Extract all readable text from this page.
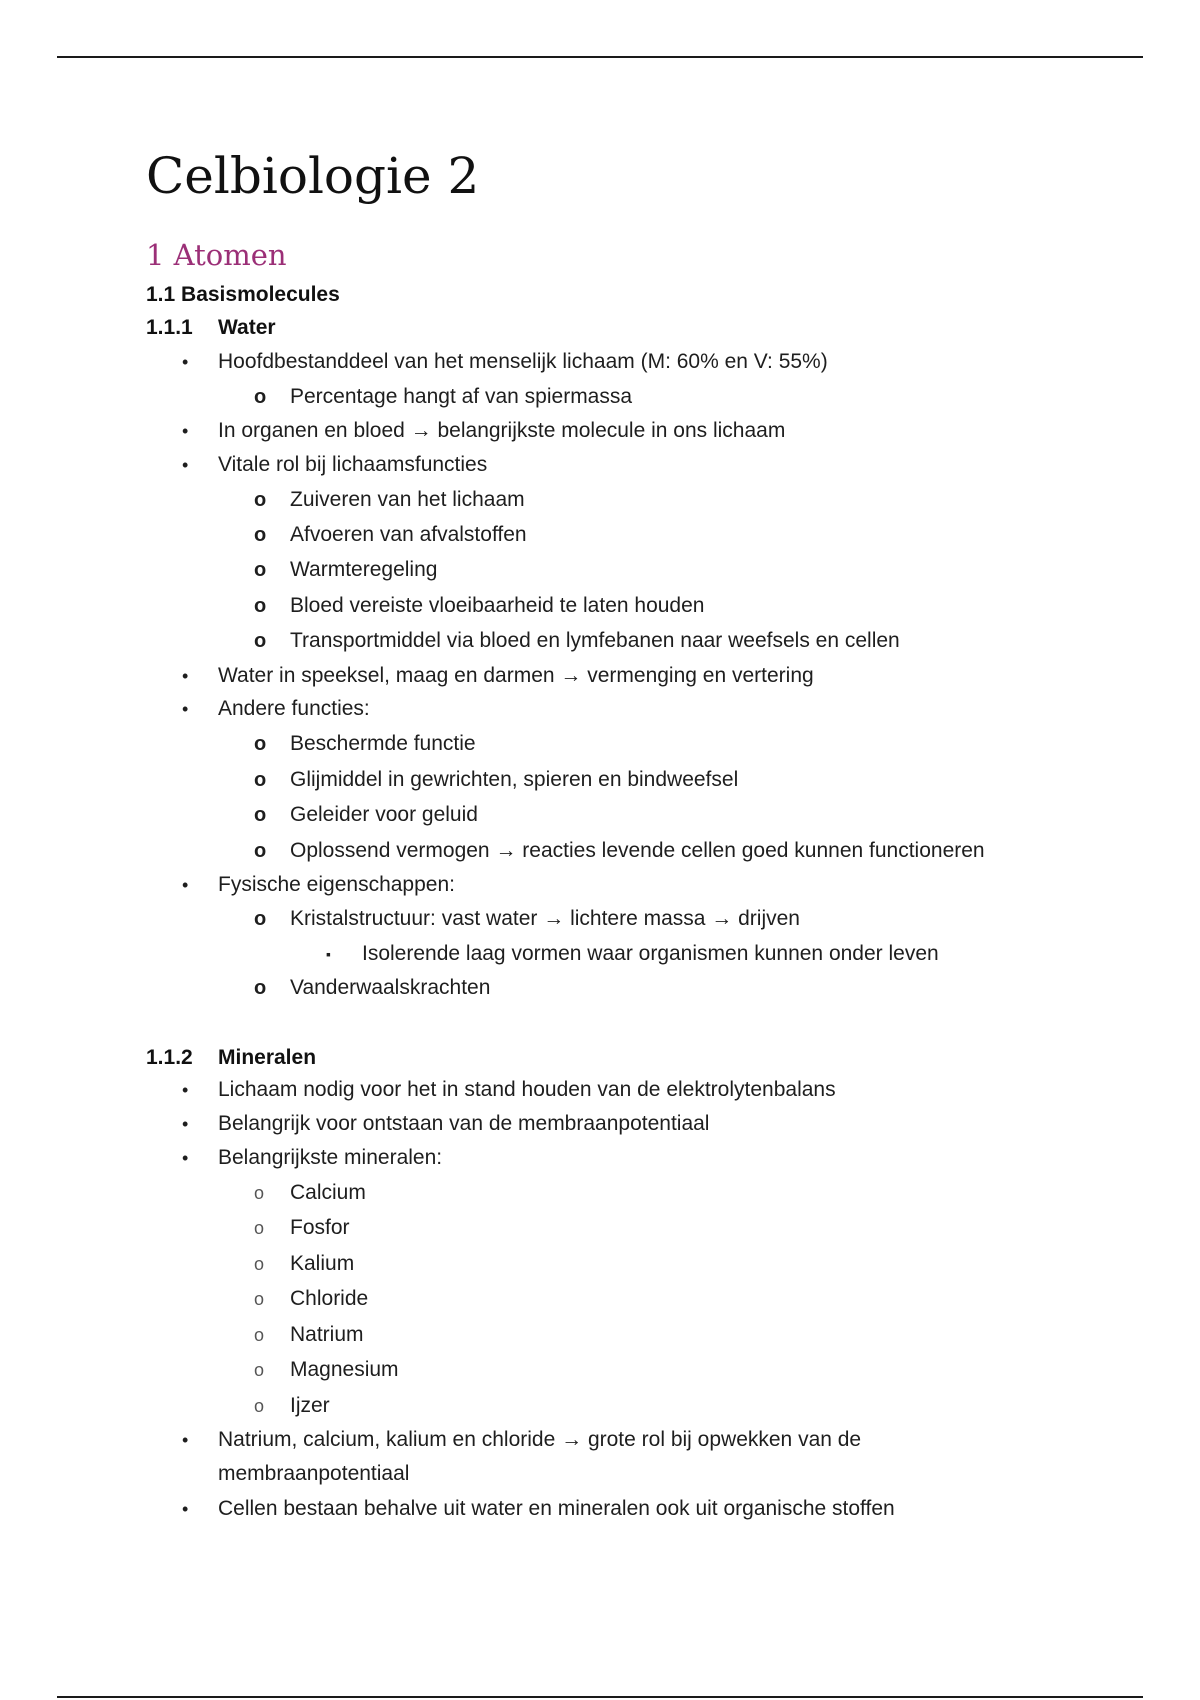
Celbiologie 2
1 Atomen
1.1 Basismolecules
1.1.1 Water
• Hoofdbestanddeel van het menselijk lichaam (M: 60% en V: 55%)
o Percentage hangt af van spiermassa
• In organen en bloed → belangrijkste molecule in ons lichaam
• Vitale rol bij lichaamsfuncties
o Zuiveren van het lichaam
o Afvoeren van afvalstoffen
o Warmteregeling
o Bloed vereiste vloeibaarheid te laten houden
o Transportmiddel via bloed en lymfebanen naar weefsels en cellen
• Water in speeksel, maag en darmen → vermenging en vertering
• Andere functies:
o Beschermde functie
o Glijmiddel in gewrichten, spieren en bindweefsel
o Geleider voor geluid
o Oplossend vermogen → reacties levende cellen goed kunnen functioneren
• Fysische eigenschappen:
o Kristalstructuur: vast water → lichtere massa → drijven
▪ Isolerende laag vormen waar organismen kunnen onder leven
o Vanderwaalskrachten
1.1.2 Mineralen
• Lichaam nodig voor het in stand houden van de elektrolytenbalans
• Belangrijk voor ontstaan van de membraanpotentiaal
• Belangrijkste mineralen:
o Calcium
o Fosfor
o Kalium
o Chloride
o Natrium
o Magnesium
o Ijzer
• Natrium, calcium, kalium en chloride → grote rol bij opwekken van de
membraanpotentiaal
• Cellen bestaan behalve uit water en mineralen ook uit organische stoffen
